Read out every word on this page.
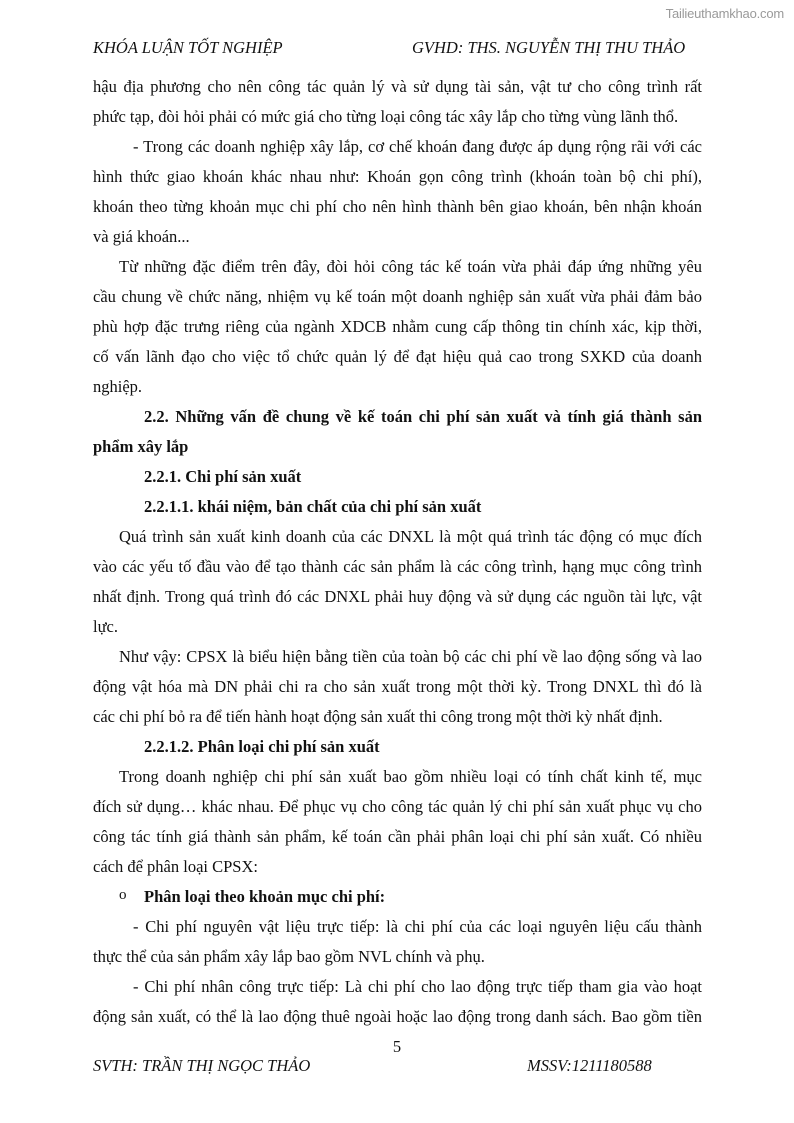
Tailieuthamkhao.com
KHÓA LUẬN TỐT NGHIỆP	GVHD: THS. NGUYỄN THỊ THU THẢO
hậu địa phương cho nên công tác quản lý và sử dụng tài sản, vật tư cho công trình rất
phức tạp, đòi hỏi phải có mức giá cho từng loại công tác xây lắp cho từng vùng lãnh thổ.
- Trong các doanh nghiệp xây lắp, cơ chế khoán đang được áp dụng rộng rãi với các
hình thức giao khoán khác nhau như: Khoán gọn công trình (khoán toàn bộ chi phí),
khoán theo từng khoản mục chi phí cho nên hình thành bên giao khoán, bên nhận khoán
và giá khoán...
Từ những đặc điểm trên đây, đòi hỏi công tác kế toán vừa phải đáp ứng những yêu
cầu chung về chức năng, nhiệm vụ kế toán một doanh nghiệp sản xuất vừa phải đảm bảo
phù hợp đặc trưng riêng của ngành XDCB nhằm cung cấp thông tin chính xác, kịp thời,
cố vấn lãnh đạo cho việc tổ chức quản lý để đạt hiệu quả cao trong SXKD của doanh
nghiệp.
2.2. Những vấn đề chung về kế toán chi phí sản xuất và tính giá thành sản
phẩm xây lắp
2.2.1. Chi phí sản xuất
2.2.1.1. khái niệm, bản chất của chi phí sản xuất
Quá trình sản xuất kinh doanh của các DNXL là một quá trình tác động có mục đích
vào các yếu tố đầu vào để tạo thành các sản phẩm là các công trình, hạng mục công trình
nhất định. Trong quá trình đó các DNXL phải huy động và sử dụng các nguồn tài lực, vật
lực.
Như vậy: CPSX là biểu hiện bằng tiền của toàn bộ các chi phí về lao động sống và lao
động vật hóa mà DN phải chi ra cho sản xuất trong một thời kỳ. Trong DNXL thì đó là
các chi phí bỏ ra để tiến hành hoạt động sản xuất thi công trong một thời kỳ nhất định.
2.2.1.2. Phân loại chi phí sản xuất
Trong doanh nghiệp chi phí sản xuất bao gồm nhiều loại có tính chất kinh tế, mục
đích sử dụng… khác nhau. Để phục vụ cho công tác quản lý chi phí sản xuất phục vụ cho
công tác tính giá thành sản phẩm, kế toán cần phải phân loại chi phí sản xuất. Có nhiều
cách để phân loại CPSX:
o Phân loại theo khoản mục chi phí:
- Chi phí nguyên vật liệu trực tiếp: là chi phí của các loại nguyên liệu cấu thành
thực thể của sản phẩm xây lắp bao gồm NVL chính và phụ.
- Chi phí nhân công trực tiếp: Là chi phí cho lao động trực tiếp tham gia vào hoạt
động sản xuất, có thể là lao động thuê ngoài hoặc lao động trong danh sách. Bao gồm tiền
5
SVTH: TRẦN THỊ NGỌC THẢO	MSSV:1211180588
